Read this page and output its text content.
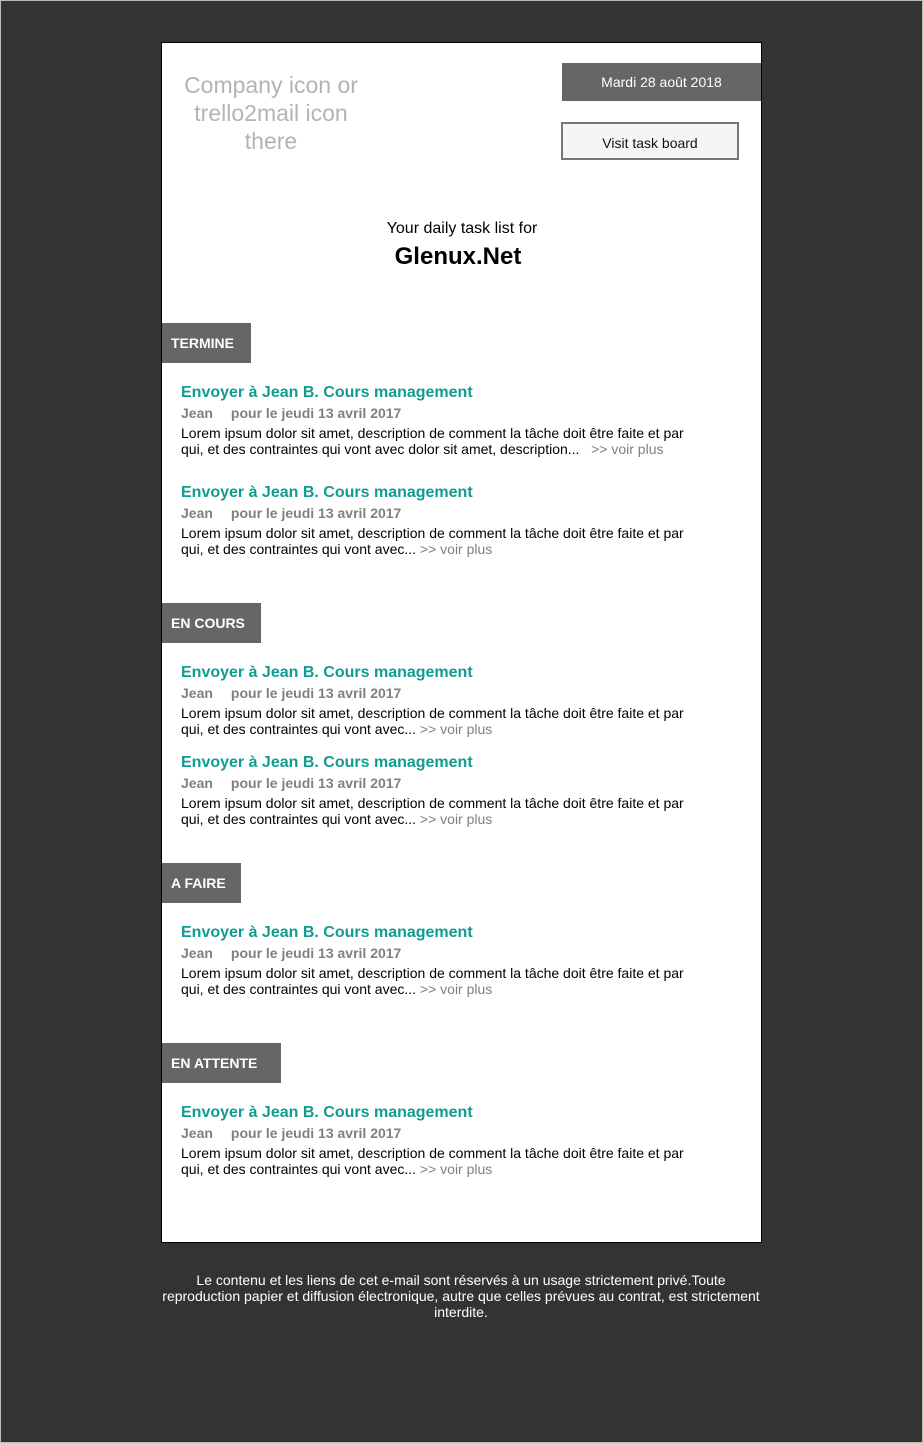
Company icon or trello2mail icon there
Mardi 28 août 2018
Visit task board
Your daily task list for
Glenux.Net
TERMINE
Envoyer à Jean B. Cours management
Jean pour le jeudi 13 avril 2017
Lorem ipsum dolor sit amet, description de comment la tâche doit être faite et par qui, et des contraintes qui vont avec dolor sit amet, description... >> voir plus
Envoyer à Jean B. Cours management
Jean pour le jeudi 13 avril 2017
Lorem ipsum dolor sit amet, description de comment la tâche doit être faite et par qui, et des contraintes qui vont avec... >> voir plus
EN COURS
Envoyer à Jean B. Cours management
Jean pour le jeudi 13 avril 2017
Lorem ipsum dolor sit amet, description de comment la tâche doit être faite et par qui, et des contraintes qui vont avec... >> voir plus
Envoyer à Jean B. Cours management
Jean pour le jeudi 13 avril 2017
Lorem ipsum dolor sit amet, description de comment la tâche doit être faite et par qui, et des contraintes qui vont avec... >> voir plus
A FAIRE
Envoyer à Jean B. Cours management
Jean pour le jeudi 13 avril 2017
Lorem ipsum dolor sit amet, description de comment la tâche doit être faite et par qui, et des contraintes qui vont avec... >> voir plus
EN ATTENTE
Envoyer à Jean B. Cours management
Jean pour le jeudi 13 avril 2017
Lorem ipsum dolor sit amet, description de comment la tâche doit être faite et par qui, et des contraintes qui vont avec... >> voir plus
Le contenu et les liens de cet e-mail sont réservés à un usage strictement privé.Toute reproduction papier et diffusion électronique, autre que celles prévues au contrat, est strictement interdite.
